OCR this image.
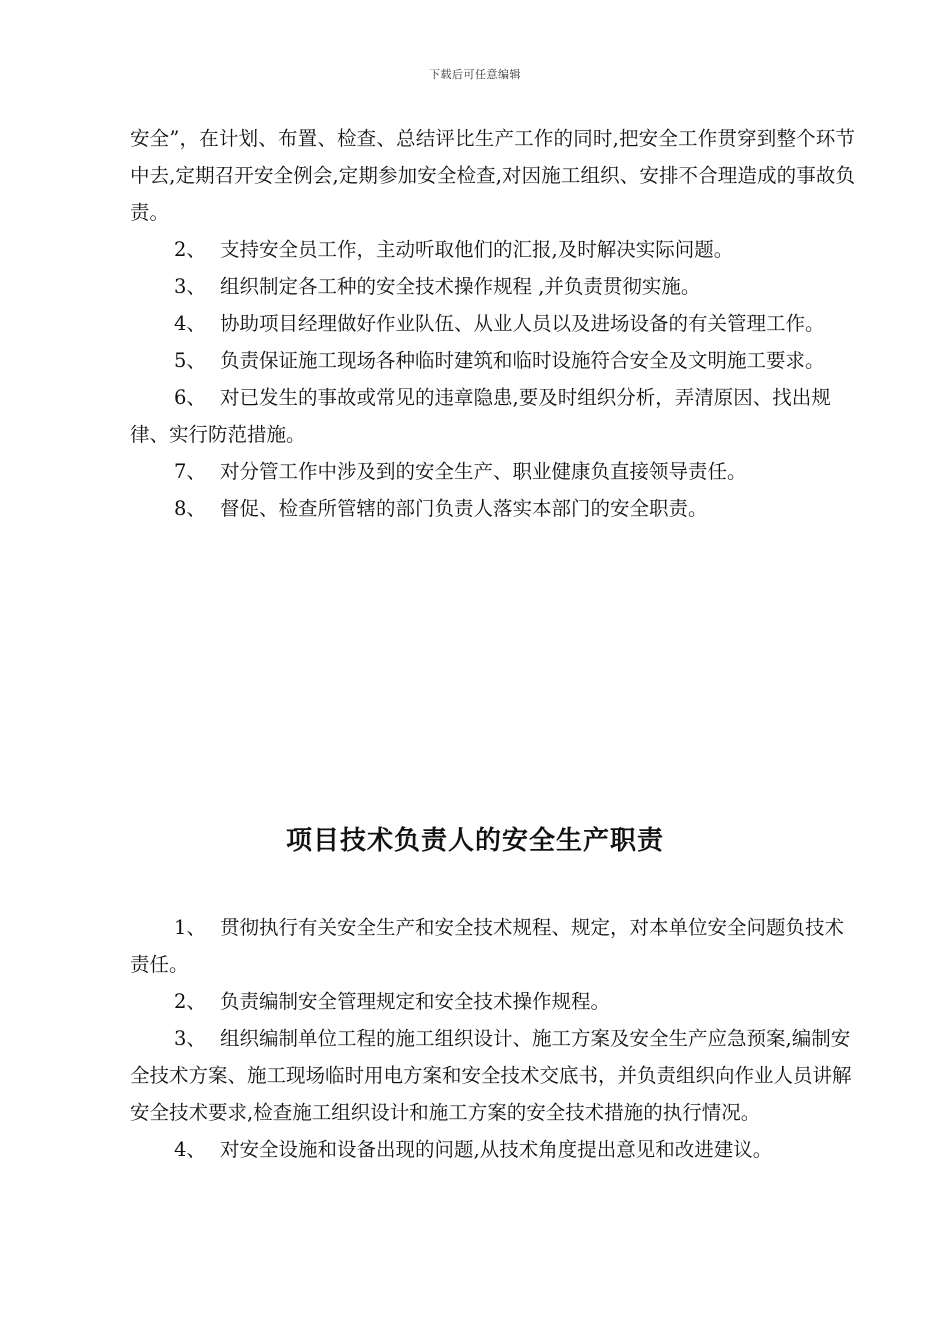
下载后可任意编辑

安全”，在计划、布置、检查、总结评比生产工作的同时,把安全工作贯穿到整个环节中去,定期召开安全例会,定期参加安全检查,对因施工组织、安排不合理造成的事故负责。

2、 支持安全员工作，主动听取他们的汇报,及时解决实际问题。

3、 组织制定各工种的安全技术操作规程 ,并负责贯彻实施。

4、 协助项目经理做好作业队伍、从业人员以及进场设备的有关管理工作。

5、 负责保证施工现场各种临时建筑和临时设施符合安全及文明施工要求。

6、 对已发生的事故或常见的违章隐患,要及时组织分析，弄清原因、找出规律、实行防范措施。

7、 对分管工作中涉及到的安全生产、职业健康负直接领导责任。

8、 督促、检查所管辖的部门负责人落实本部门的安全职责。

项目技术负责人的安全生产职责

1、 贯彻执行有关安全生产和安全技术规程、规定，对本单位安全问题负技术责任。

2、 负责编制安全管理规定和安全技术操作规程。

3、 组织编制单位工程的施工组织设计、施工方案及安全生产应急预案,编制安全技术方案、施工现场临时用电方案和安全技术交底书，并负责组织向作业人员讲解安全技术要求,检查施工组织设计和施工方案的安全技术措施的执行情况。

4、 对安全设施和设备出现的问题,从技术角度提出意见和改进建议。
